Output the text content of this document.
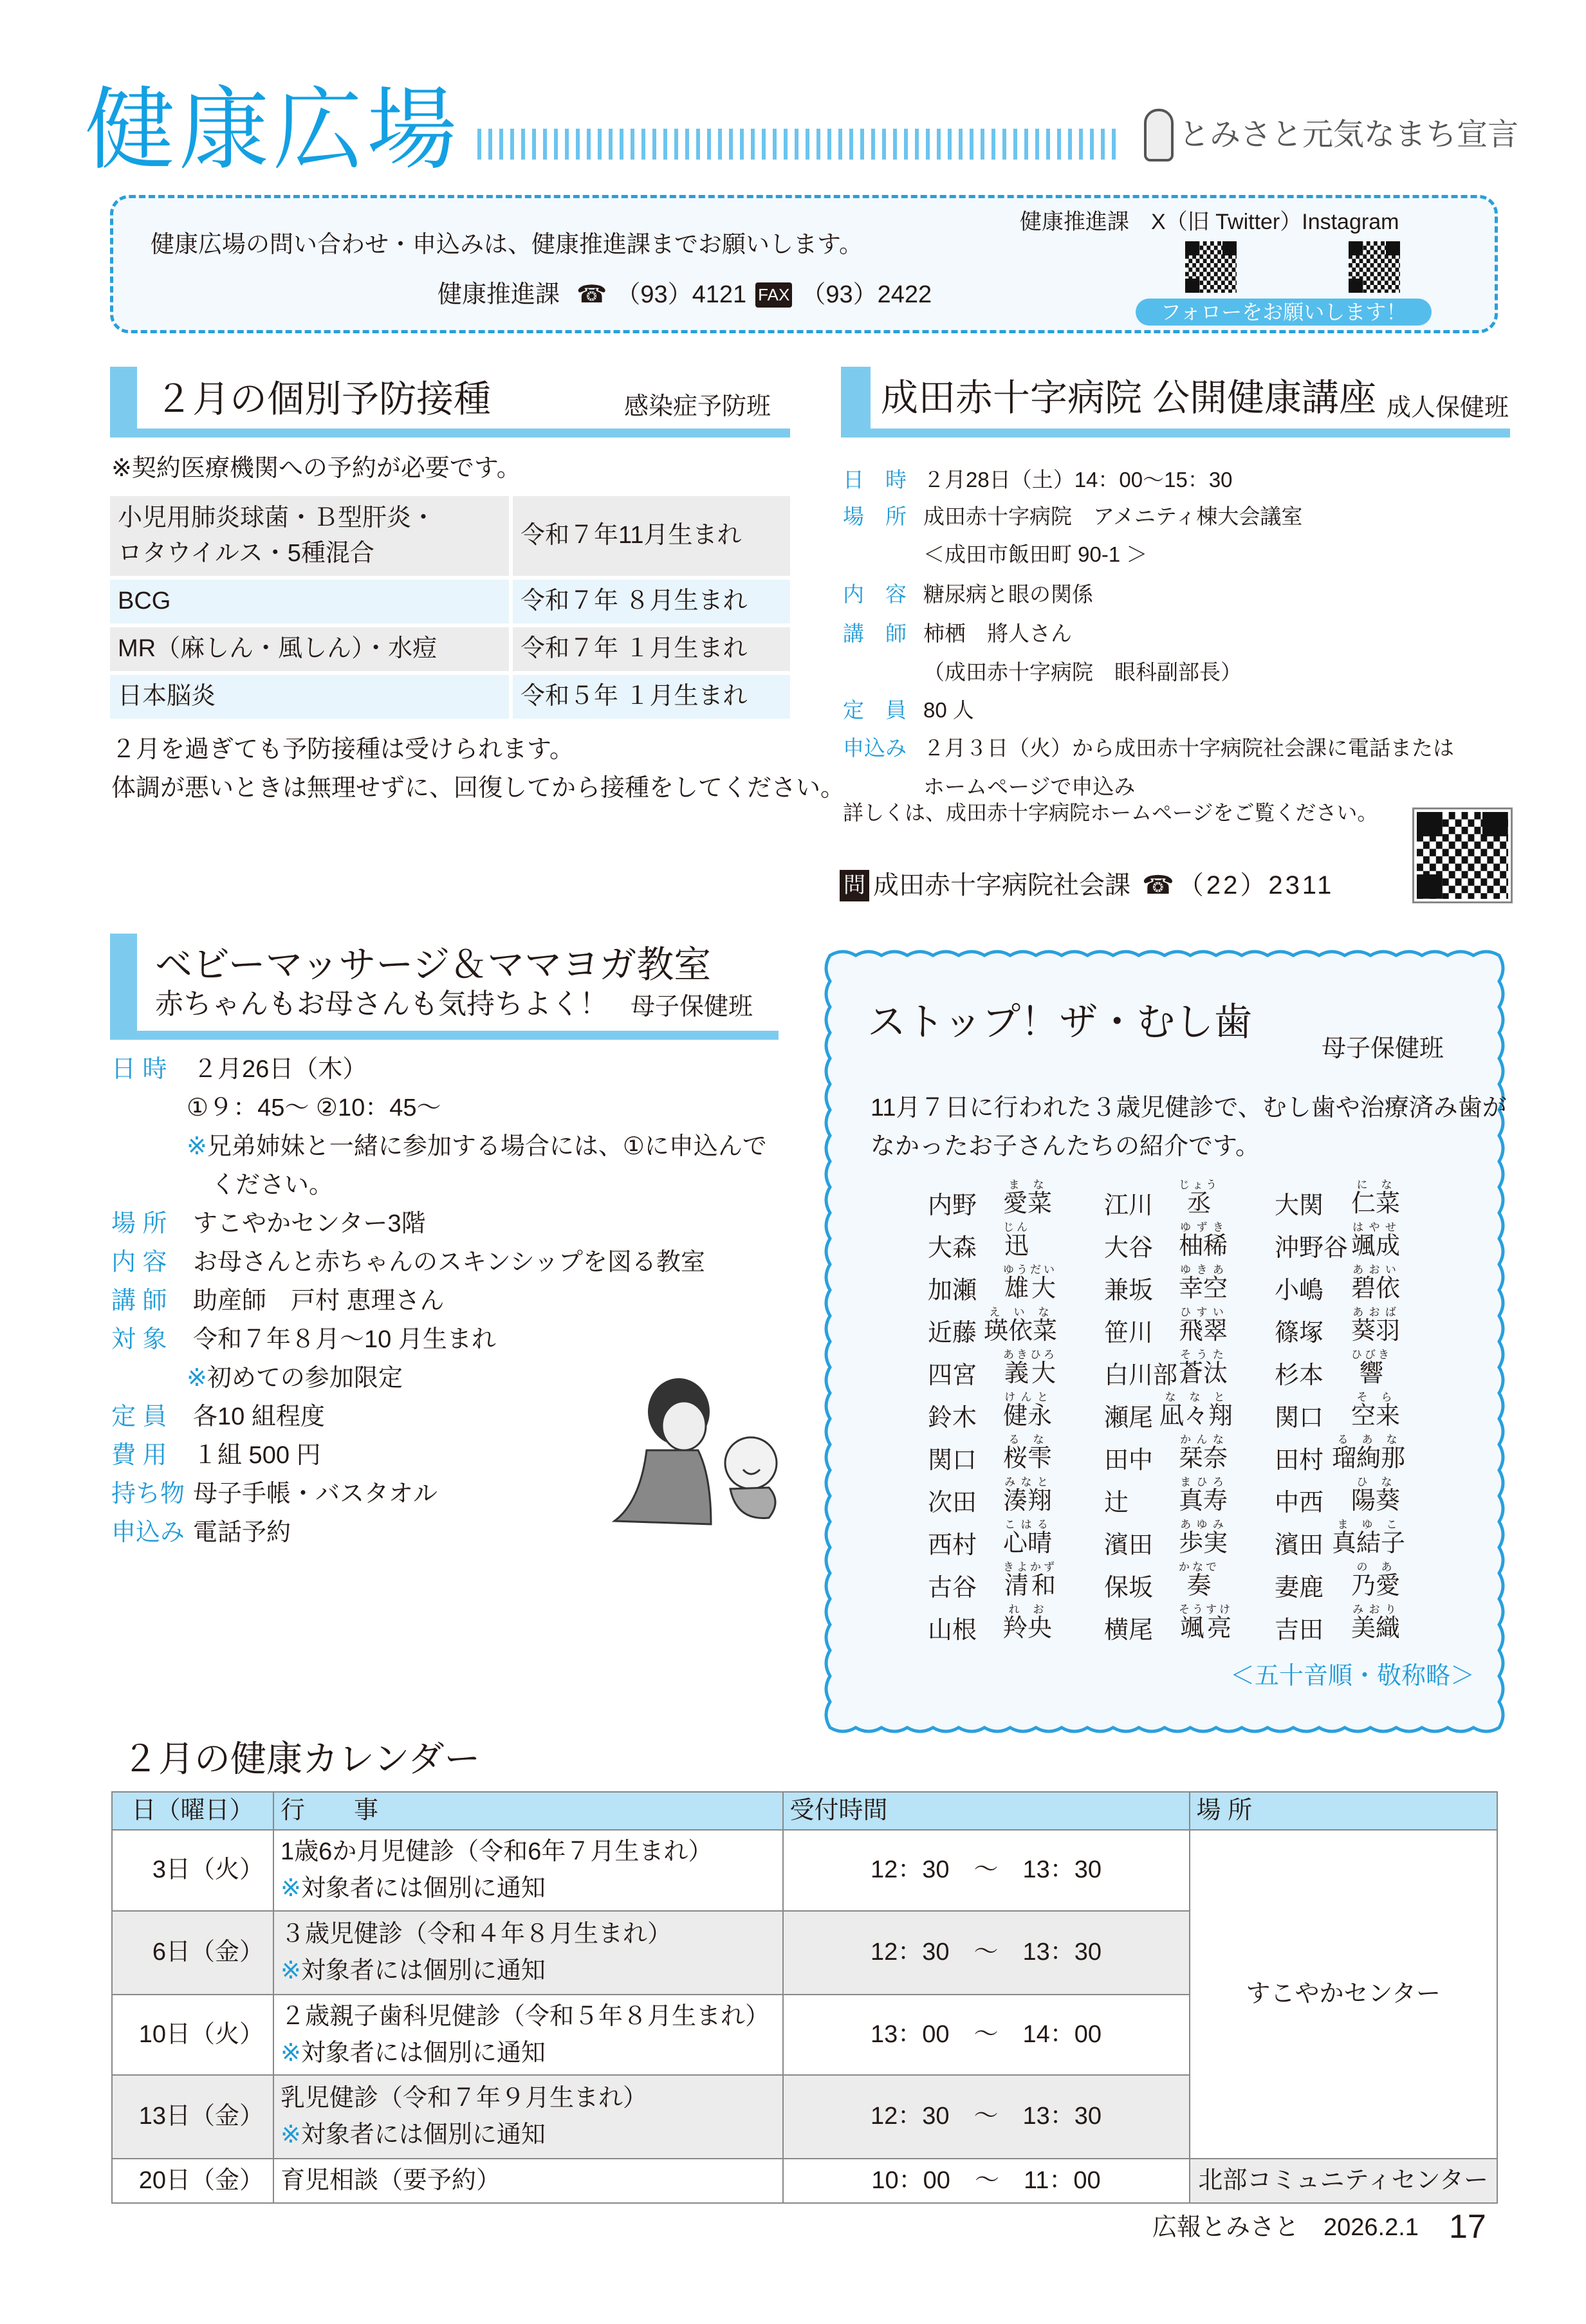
健康広場	とみさと元気なまち宣言
健康広場の問い合わせ・申込みは、健康推進課までお願いします。
健康推進課 ☎ （93）4121 FAX （93）2422
健康推進課　X（旧 Twitter）Instagram
フォローをお願いします！
２月の個別予防接種	感染症予防班
※契約医療機関への予約が必要です。
小児用肺炎球菌・Ｂ型肝炎・
ロタウイルス・5種混合
令和７年11月生まれ
BCG	令和７年 ８月生まれ
MR（麻しん・風しん）・水痘	令和７年 １月生まれ
日本脳炎	令和５年 １月生まれ
２月を過ぎても予防接種は受けられます。
体調が悪いときは無理せずに、回復してから接種をしてください。
成田赤十字病院 公開健康講座 成人保健班
日　時 ２月28日（土）14：00～15：30
場　所 成田赤十字病院　アメニティ棟大会議室
＜成田市飯田町 90-1 ＞
内　容 糖尿病と眼の関係
講　師 柿栖　將人さん
（成田赤十字病院　眼科副部長）
定　員 80 人
申込み ２月３日（火）から成田赤十字病院社会課に電話または
ホームページで申込み
詳しくは、成田赤十字病院ホームページをご覧ください。
問 成田赤十字病院社会課 ☎ （22）2311
ベビーマッサージ＆ママヨガ教室
赤ちゃんもお母さんも気持ちよく！ 母子保健班
日 時 ２月26日（木）
①９：45～ ②10：45～
※兄弟姉妹と一緒に参加する場合には、①に申込んで
　ください。
場 所 すこやかセンター3階
内 容 お母さんと赤ちゃんのスキンシップを図る教室
講 師 助産師　戸村 恵理さん
対 象 令和７年８月～10 月生まれ
※初めての参加限定
定 員 各10 組程度
費 用 １組 500 円
持ち物 母子手帳・バスタオル
申込み 電話予約
ストップ！ザ・むし歯
母子保健班
11月７日に行われた３歳児健診で、むし歯や治療済み歯が
なかったお子さんたちの紹介です。
内野 愛菜まな
江川 丞じょう
大関 仁菜にな
大森 迅じん
大谷 柚稀ゆずき
沖野谷 颯成はやせ
加瀬 雄大ゆうだい
兼坂 幸空ゆきあ
小嶋 碧依あおい
近藤 瑛依菜えいな
笹川 飛翠ひすい
篠塚 葵羽あおば
四宮 義大あきひろ
白川部 蒼汰そうた
杉本 響ひびき
鈴木 健永けんと
瀬尾 凪々翔ななと
関口 空来そら
関口 桜雫るな
田中 栞奈かんな
田村 瑠絢那るあな
次田 湊翔みなと
辻 真寿まひろ
中西 陽葵ひな
西村 心晴こはる
濱田 歩実あゆみ
濱田 真結子まゆこ
古谷 清和きよかず
保坂 奏かなで
妻鹿 乃愛のあ
山根 羚央れお
横尾 颯亮そうすけ
吉田 美織みおり
＜五十音順・敬称略＞
２月の健康カレンダー
日（曜日）	行　　事	受付時間	場 所
3日（火）	1歳6か月児健診（令和6年７月生まれ）
※対象者には個別に通知	12：30　～　13：30	すこやかセンター
6日（金）	３歳児健診（令和４年８月生まれ）
※対象者には個別に通知	12：30　～　13：30	
10日（火）	２歳親子歯科児健診（令和５年８月生まれ）
※対象者には個別に通知	13：00　～　14：00	
13日（金）	乳児健診（令和７年９月生まれ）
※対象者には個別に通知	12：30　～　13：30	
20日（金）	育児相談（要予約）	10：00　～　11：00	北部コミュニティセンター
広報とみさと　2026.2.1 17
